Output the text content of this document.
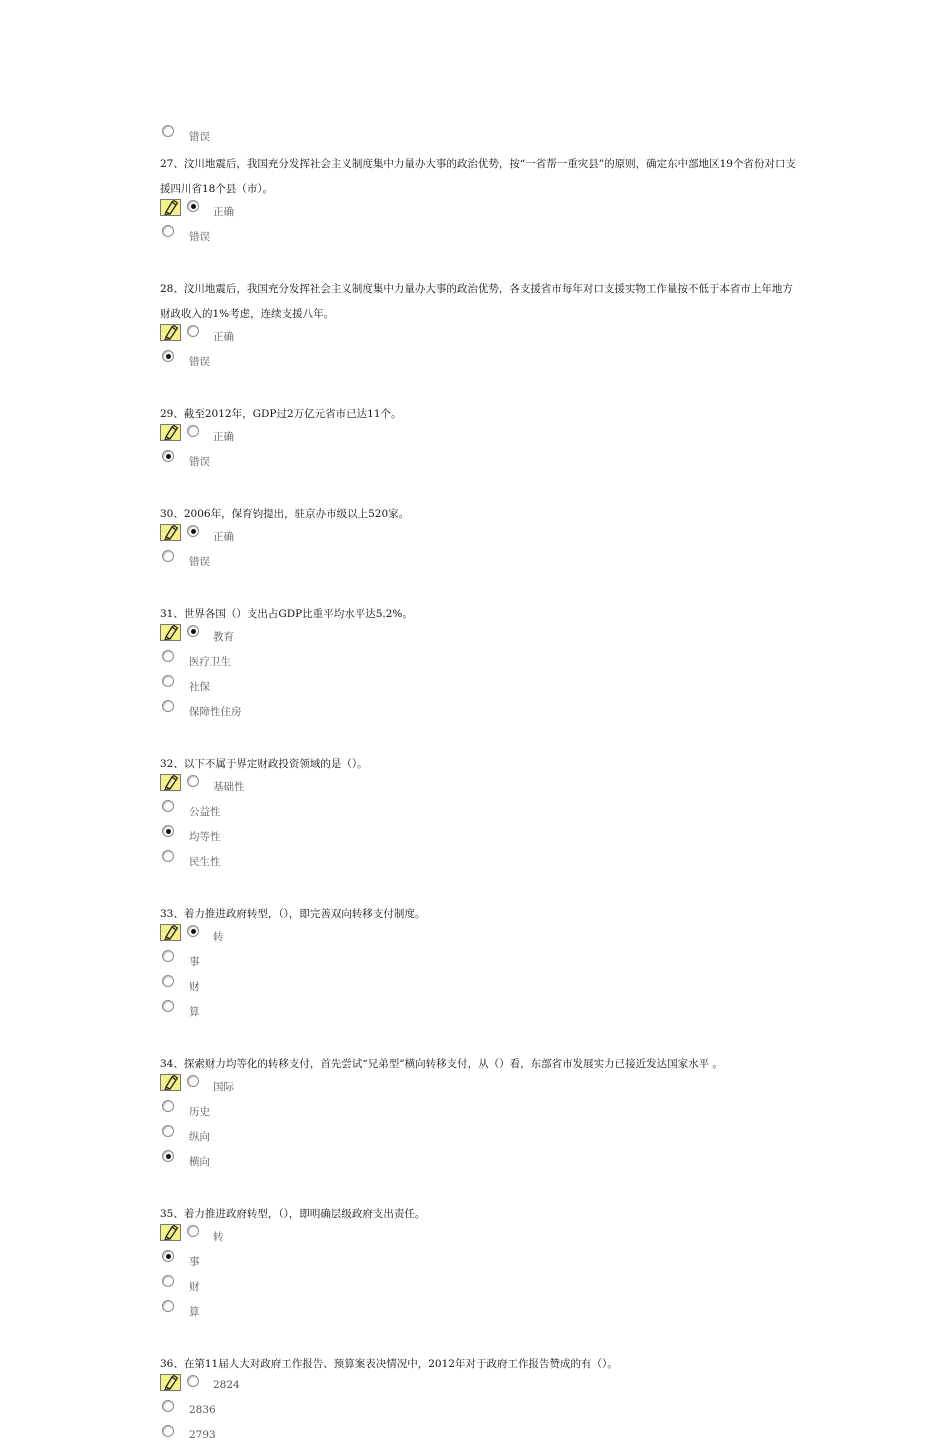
错误

27、汶川地震后，我国充分发挥社会主义制度集中力量办大事的政治优势，按“一省帮一重灾县”的原则，确定东中部地区19个省份对口支援四川省18个县（市）。

正确
错误

28、汶川地震后，我国充分发挥社会主义制度集中力量办大事的政治优势，各支援省市每年对口支援实物工作量按不低于本省市上年地方财政收入的1%考虑，连续支援八年。

正确
错误

29、截至2012年，GDP过2万亿元省市已达11个。

正确
错误

30、2006年，保育钧提出，驻京办市级以上520家。

正确
错误

31、世界各国（）支出占GDP比重平均水平达5.2%。

教育
医疗卫生
社保
保障性住房

32、以下不属于界定财政投资领域的是（）。

基础性
公益性
均等性
民生性

33、着力推进政府转型，（），即完善双向转移支付制度。

转
事
财
算

34、探索财力均等化的转移支付，首先尝试“兄弟型”横向转移支付，从（）看，东部省市发展实力已接近发达国家水平 。

国际
历史
纵向
横向

35、着力推进政府转型，（），即明确层级政府支出责任。

转
事
财
算

36、在第11届人大对政府工作报告、预算案表决情况中，2012年对于政府工作报告赞成的有（）。

2824
2836
2793
